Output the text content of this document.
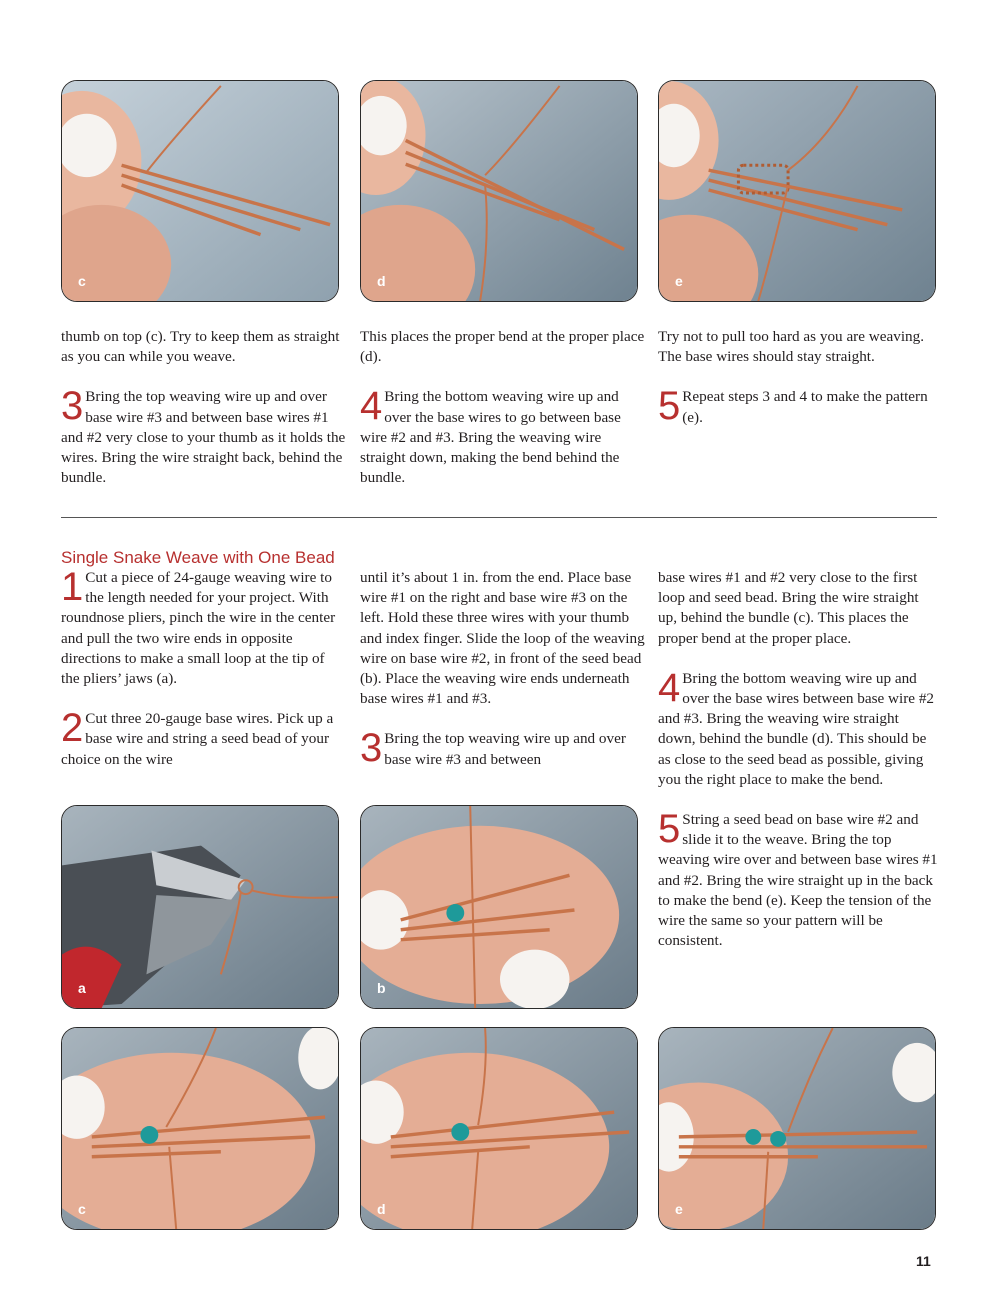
c	d	e

thumb on top (c). Try to keep them as straight as you can while you weave.

3 Bring the top weaving wire up and over base wire #3 and between base wires #1 and #2 very close to your thumb as it holds the wires. Bring the wire straight back, behind the bundle.

This places the proper bend at the proper place (d).

4 Bring the bottom weaving wire up and over the base wires to go between base wire #2 and #3. Bring the weaving wire straight down, making the bend behind the bundle.

Try not to pull too hard as you are weaving. The base wires should stay straight.

5 Repeat steps 3 and 4 to make the pattern (e).

Single Snake Weave with One Bead

1 Cut a piece of 24-gauge weaving wire to the length needed for your project. With roundnose pliers, pinch the wire in the center and pull the two wire ends in opposite directions to make a small loop at the tip of the pliers’ jaws (a).

2 Cut three 20-gauge base wires. Pick up a base wire and string a seed bead of your choice on the wire

until it’s about 1 in. from the end. Place base wire #1 on the right and base wire #3 on the left. Hold these three wires with your thumb and index finger. Slide the loop of the weaving wire on base wire #2, in front of the seed bead (b). Place the weaving wire ends underneath base wires #1 and #3.

3 Bring the top weaving wire up and over base wire #3 and between

base wires #1 and #2 very close to the first loop and seed bead. Bring the wire straight up, behind the bundle (c). This places the proper bend at the proper place.

4 Bring the bottom weaving wire up and over the base wires between base wire #2 and #3. Bring the weaving wire straight down, behind the bundle (d). This should be as close to the seed bead as possible, giving you the right place to make the bend.

5 String a seed bead on base wire #2 and slide it to the weave. Bring the top weaving wire over and between base wires #1 and #2. Bring the wire straight up in the back to make the bend (e). Keep the tension of the wire the same so your pattern will be consistent.

a	b
c	d	e
11
